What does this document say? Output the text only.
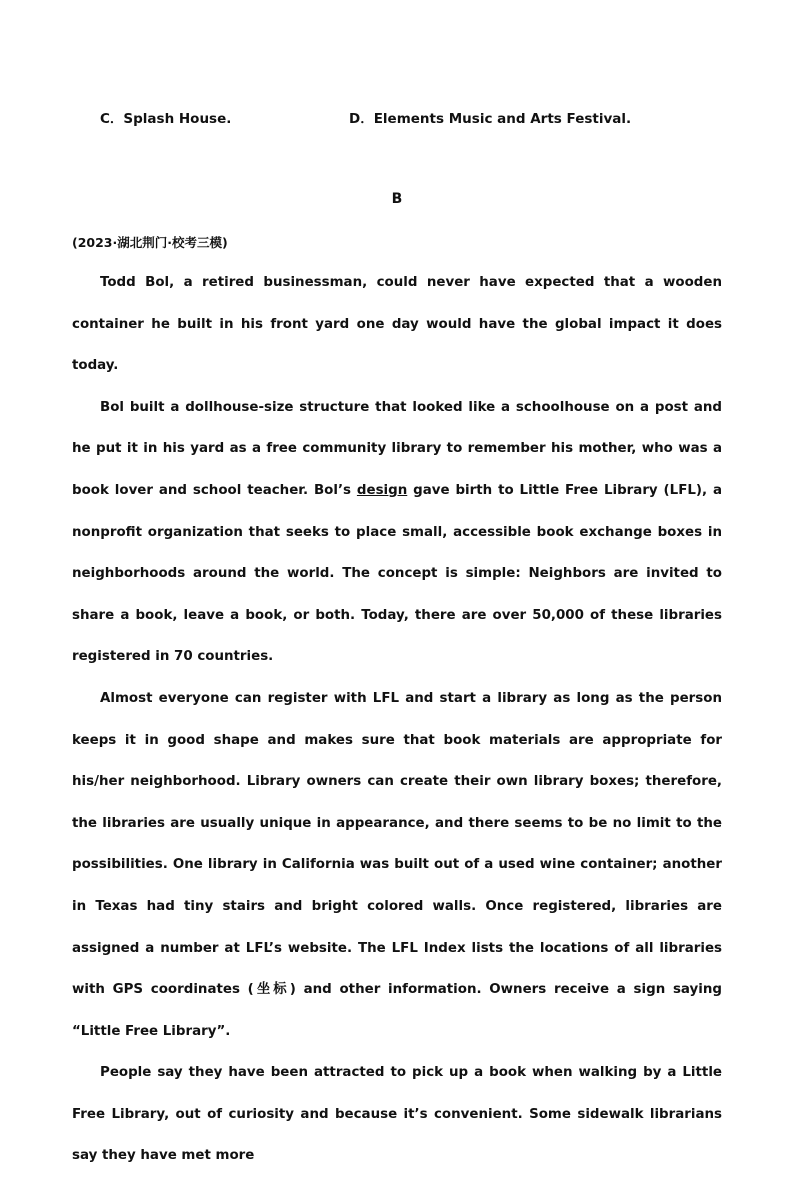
C．Splash House.	D．Elements Music and Arts Festival.
B
(2023·湖北荆门·校考三模)

Todd Bol, a retired businessman, could never have expected that a wooden container he built in his front yard one day would have the global impact it does today.

Bol built a dollhouse-size structure that looked like a schoolhouse on a post and he put it in his yard as a free community library to remember his mother, who was a book lover and school teacher. Bol’s design gave birth to Little Free Library (LFL), a nonprofit organization that seeks to place small, accessible book exchange boxes in neighborhoods around the world. The concept is simple: Neighbors are invited to share a book, leave a book, or both. Today, there are over 50,000 of these libraries registered in 70 countries.

Almost everyone can register with LFL and start a library as long as the person keeps it in good shape and makes sure that book materials are appropriate for his/her neighborhood. Library owners can create their own library boxes; therefore, the libraries are usually unique in appearance, and there seems to be no limit to the possibilities. One library in California was built out of a used wine container; another in Texas had tiny stairs and bright colored walls. Once registered, libraries are assigned a number at LFL’s website. The LFL Index lists the locations of all libraries with GPS coordinates (坐标) and other information. Owners receive a sign saying “Little Free Library”.

People say they have been attracted to pick up a book when walking by a Little Free Library, out of curiosity and because it’s convenient. Some sidewalk librarians say they have met more
